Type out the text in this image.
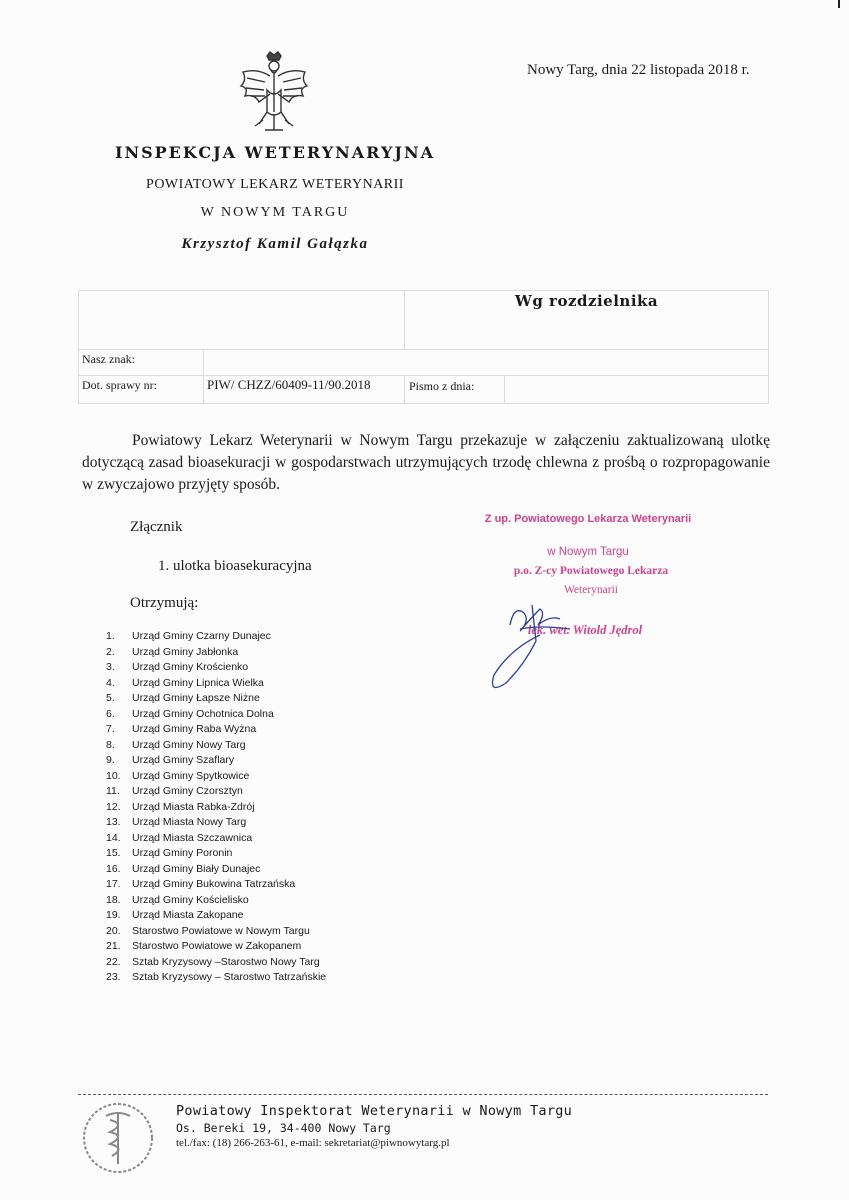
Nowy Targ, dnia 22 listopada 2018 r.
INSPEKCJA WETERYNARYJNA
POWIATOWY LEKARZ WETERYNARII
W NOWYM TARGU
Krzysztof Kamil Gałązka
Wg rozdzielnika
Nasz znak:
Dot. sprawy nr:	PIW/ CHZZ/60409-11/90.2018	Pismo z dnia:
Powiatowy Lekarz Weterynarii w Nowym Targu przekazuje w załączeniu zaktualizowaną ulotkę dotyczącą zasad bioasekuracji w gospodarstwach utrzymujących trzodę chlewna z prośbą o rozpropagowanie w zwyczajowo przyjęty sposób.
Złącznik
1. ulotka bioasekuracyjna
Otrzymują:
1.	Urząd Gminy Czarny Dunajec
2.	Urząd Gminy Jabłonka
3.	Urząd Gminy Krościenko
4.	Urząd Gminy Lipnica Wielka
5.	Urząd Gminy Łapsze Niżne
6.	Urząd Gminy Ochotnica Dolna
7.	Urząd Gminy Raba Wyżna
8.	Urząd Gminy Nowy Targ
9.	Urząd Gminy Szaflary
10.	Urząd Gminy Spytkowice
11.	Urząd Gminy Czorsztyn
12.	Urząd Miasta Rabka-Zdrój
13.	Urząd Miasta Nowy Targ
14.	Urząd Miasta Szczawnica
15.	Urząd Gminy Poronin
16.	Urząd Gminy Biały Dunajec
17.	Urząd Gminy Bukowina Tatrzańska
18.	Urząd Gminy Kościelisko
19.	Urząd Miasta Zakopane
20.	Starostwo Powiatowe w Nowym Targu
21.	Starostwo Powiatowe w Zakopanem
22.	Sztab Kryzysowy –Starostwo Nowy Targ
23.	Sztab Kryzysowy – Starostwo Tatrzańskie
Z up. Powiatowego Lekarza Weterynarii
w Nowym Targu
p.o. Z-cy Powiatowego Lekarza
Weterynarii
lek. wet. Witold Jędrol
Powiatowy Inspektorat Weterynarii w Nowym Targu
Os. Bereki 19, 34-400 Nowy Targ
tel./fax: (18) 266-263-61, e-mail: sekretariat@piwnowytarg.pl
